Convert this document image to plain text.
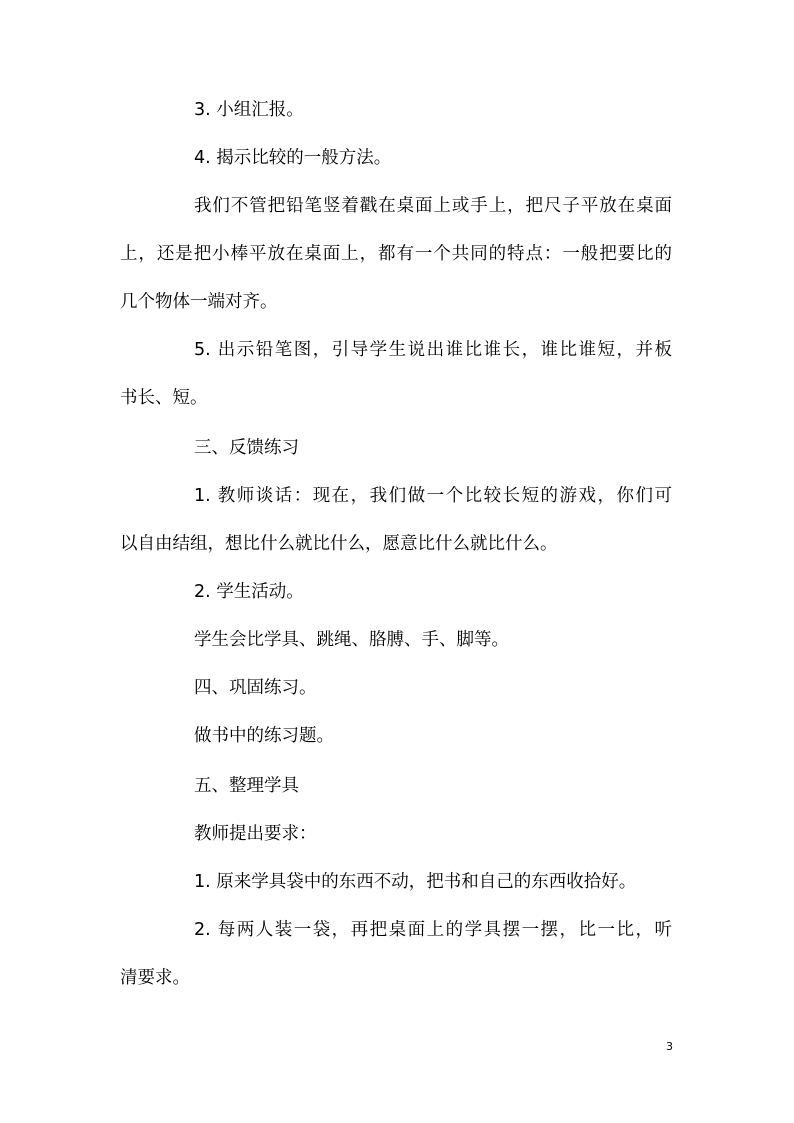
3. 小组汇报。

4. 揭示比较的一般方法。

我们不管把铅笔竖着戳在桌面上或手上，把尺子平放在桌面

上，还是把小棒平放在桌面上，都有一个共同的特点：一般把要比的

几个物体一端对齐。

5. 出示铅笔图，引导学生说出谁比谁长，谁比谁短，并板

书长、短。

三、反馈练习

1. 教师谈话：现在，我们做一个比较长短的游戏，你们可

以自由结组，想比什么就比什么，愿意比什么就比什么。

2. 学生活动。

学生会比学具、跳绳、胳膊、手、脚等。

四、巩固练习。

做书中的练习题。

五、整理学具

教师提出要求：

1. 原来学具袋中的东西不动，把书和自己的东西收拾好。

2. 每两人装一袋，再把桌面上的学具摆一摆，比一比，听

清要求。

3
